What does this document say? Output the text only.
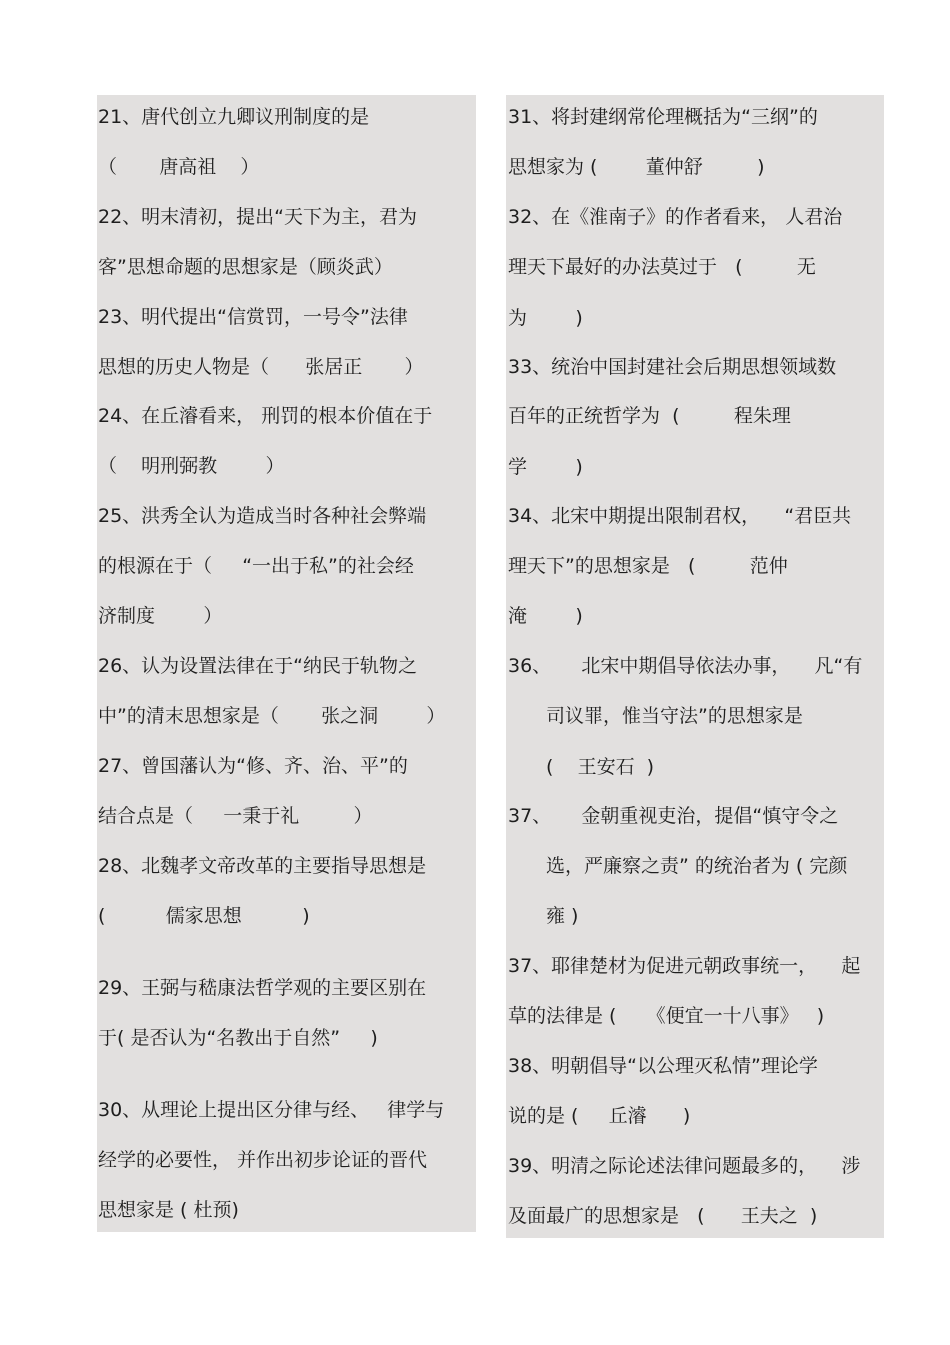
21、唐代创立九卿议刑制度的是
（       唐高祖    ）
22、明末清初，提出“天下为主，君为
客”思想命题的思想家是（顾炎武）
23、明代提出“信赏罚，一号令”法律
思想的历史人物是（      张居正       ）
24、在丘濬看来， 刑罚的根本价值在于
（    明刑弼教        ）
25、洪秀全认为造成当时各种社会弊端
的根源在于（     “一出于私”的社会经
济制度        ）
26、认为设置法律在于“纳民于轨物之
中”的清末思想家是（       张之洞        ）
27、曾国藩认为“修、齐、治、平”的
结合点是（     一秉于礼         ）
28、北魏孝文帝改革的主要指导思想是
(          儒家思想          )
29、王弼与嵇康法哲学观的主要区别在
于( 是否认为“名教出于自然”     )
30、从理论上提出区分律与经、   律学与
经学的必要性， 并作出初步论证的晋代
思想家是 ( 杜预)
31、将封建纲常伦理概括为“三纲”的
思想家为 (        董仲舒         )
32、在《淮南子》的作者看来， 人君治
理天下最好的办法莫过于   (         无
为        )
33、统治中国封建社会后期思想领域数
百年的正统哲学为  (         程朱理
学        )
34、北宋中期提出限制君权，    “君臣共
理天下”的思想家是   (         范仲
淹        )
36、     北宋中期倡导依法办事，    凡“有
司议罪，惟当守法”的思想家是
(    王安石  )
37、     金朝重视吏治，提倡“慎守令之
选，严廉察之责” 的统治者为 ( 完颜
雍 )
37、耶律楚材为促进元朝政事统一，    起
草的法律是 (     《便宜一十八事》   )
38、明朝倡导“以公理灭私情”理论学
说的是 (     丘濬      )
39、明清之际论述法律问题最多的，    涉
及面最广的思想家是   (      王夫之  )
